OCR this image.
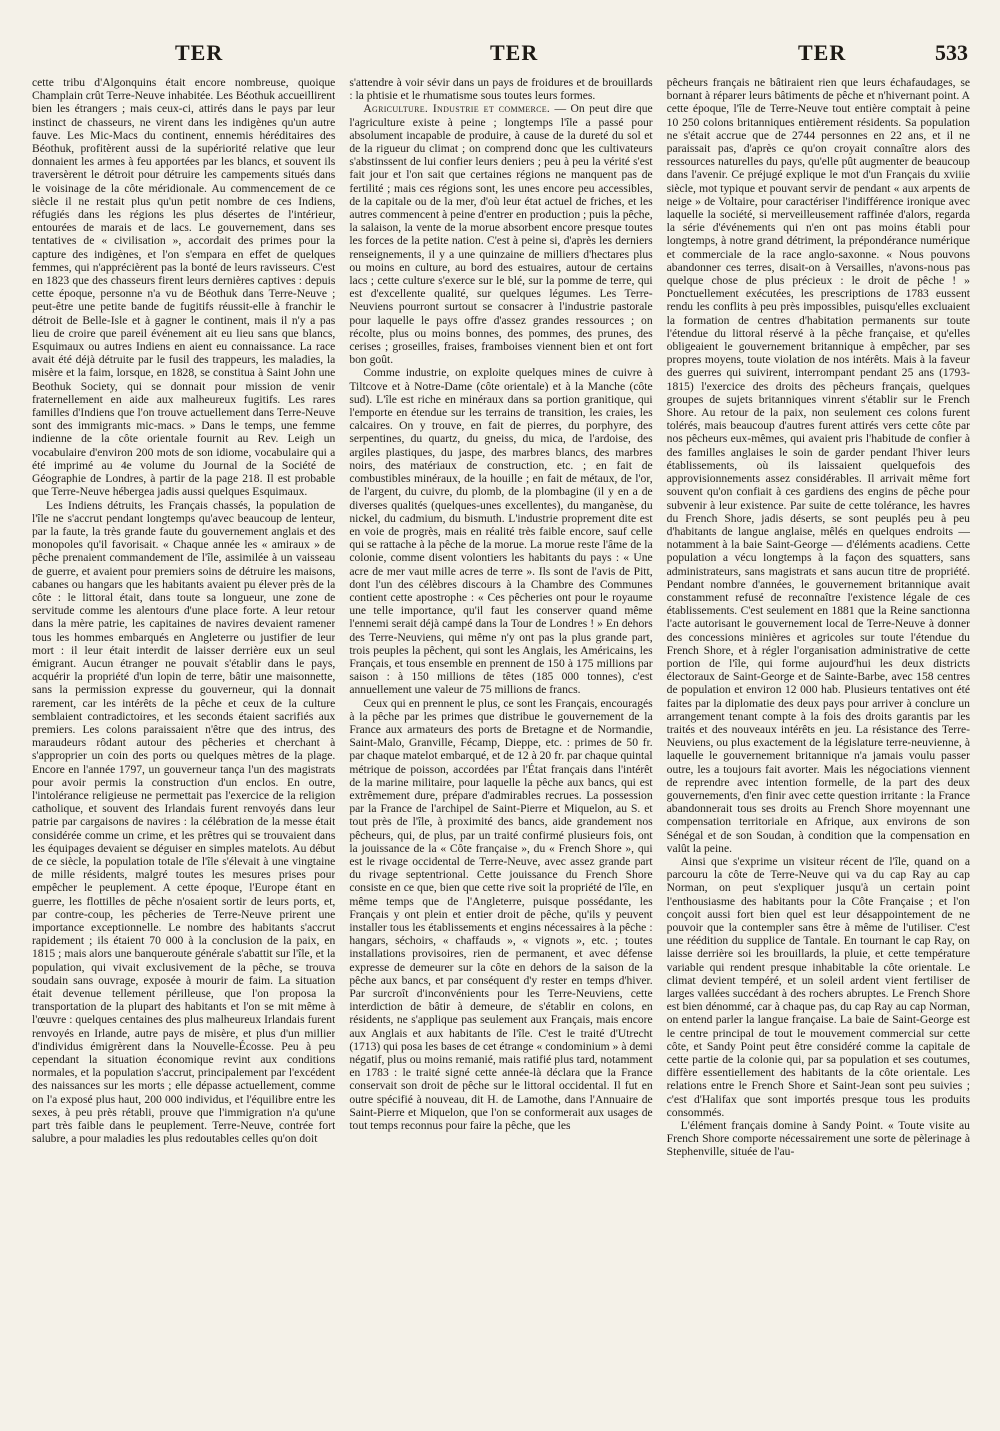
TER	TER	TER	533

cette tribu d'Algonquins était encore nombreuse, quoique Champlain crût Terre-Neuve inhabitée. Les Béothuk accueillirent bien les étrangers ; mais ceux-ci, attirés dans le pays par leur instinct de chasseurs, ne virent dans les indigènes qu'un autre fauve. Les Mic-Macs du continent, ennemis héréditaires des Béothuk, profitèrent aussi de la supériorité relative que leur donnaient les armes à feu apportées par les blancs, et souvent ils traversèrent le détroit pour détruire les campements situés dans le voisinage de la côte méridionale. Au commencement de ce siècle il ne restait plus qu'un petit nombre de ces Indiens, réfugiés dans les régions les plus désertes de l'intérieur, entourées de marais et de lacs. Le gouvernement, dans ses tentatives de « civilisation », accordait des primes pour la capture des indigènes, et l'on s'empara en effet de quelques femmes, qui n'apprécièrent pas la bonté de leurs ravisseurs. C'est en 1823 que des chasseurs firent leurs dernières captives : depuis cette époque, personne n'a vu de Béothuk dans Terre-Neuve ; peut-être une petite bande de fugitifs réussit-elle à franchir le détroit de Belle-Isle et à gagner le continent, mais il n'y a pas lieu de croire que pareil événement ait eu lieu sans que blancs, Esquimaux ou autres Indiens en aient eu connaissance. La race avait été déjà détruite par le fusil des trappeurs, les maladies, la misère et la faim, lorsque, en 1828, se constitua à Saint John une Beothuk Society, qui se donnait pour mission de venir fraternellement en aide aux malheureux fugitifs. Les rares familles d'Indiens que l'on trouve actuellement dans Terre-Neuve sont des immigrants mic-macs. » Dans le temps, une femme indienne de la côte orientale fournit au Rev. Leigh un vocabulaire d'environ 200 mots de son idiome, vocabulaire qui a été imprimé au 4e volume du Journal de la Société de Géographie de Londres, à partir de la page 218. Il est probable que Terre-Neuve hébergea jadis aussi quelques Esquimaux.

Les Indiens détruits, les Français chassés, la population de l'île ne s'accrut pendant longtemps qu'avec beaucoup de lenteur, par la faute, la très grande faute du gouvernement anglais et des monopoles qu'il favorisait. « Chaque année les « amiraux » de pêche prenaient commandement de l'île, assimilée à un vaisseau de guerre, et avaient pour premiers soins de détruire les maisons, cabanes ou hangars que les habitants avaient pu élever près de la côte : le littoral était, dans toute sa longueur, une zone de servitude comme les alentours d'une place forte. A leur retour dans la mère patrie, les capitaines de navires devaient ramener tous les hommes embarqués en Angleterre ou justifier de leur mort : il leur était interdit de laisser derrière eux un seul émigrant. Aucun étranger ne pouvait s'établir dans le pays, acquérir la propriété d'un lopin de terre, bâtir une maisonnette, sans la permission expresse du gouverneur, qui la donnait rarement, car les intérêts de la pêche et ceux de la culture semblaient contradictoires, et les seconds étaient sacrifiés aux premiers. Les colons paraissaient n'être que des intrus, des maraudeurs rôdant autour des pêcheries et cherchant à s'approprier un coin des ports ou quelques mètres de la plage. Encore en l'année 1797, un gouverneur tança l'un des magistrats pour avoir permis la construction d'un enclos. En outre, l'intolérance religieuse ne permettait pas l'exercice de la religion catholique, et souvent des Irlandais furent renvoyés dans leur patrie par cargaisons de navires : la célébration de la messe était considérée comme un crime, et les prêtres qui se trouvaient dans les équipages devaient se déguiser en simples matelots. Au début de ce siècle, la population totale de l'île s'élevait à une vingtaine de mille résidents, malgré toutes les mesures prises pour empêcher le peuplement. A cette époque, l'Europe étant en guerre, les flottilles de pêche n'osaient sortir de leurs ports, et, par contre-coup, les pêcheries de Terre-Neuve prirent une importance exceptionnelle. Le nombre des habitants s'accrut rapidement ; ils étaient 70 000 à la conclusion de la paix, en 1815 ; mais alors une banqueroute générale s'abattit sur l'île, et la population, qui vivait exclusivement de la pêche, se trouva soudain sans ouvrage, exposée à mourir de faim. La situation était devenue tellement périlleuse, que l'on proposa la transportation de la plupart des habitants et l'on se mit même à l'œuvre : quelques centaines des plus malheureux Irlandais furent renvoyés en Irlande, autre pays de misère, et plus d'un millier d'individus émigrèrent dans la Nouvelle-Écosse. Peu à peu cependant la situation économique revint aux conditions normales, et la population s'accrut, principalement par l'excédent des naissances sur les morts ; elle dépasse actuellement, comme on l'a exposé plus haut, 200 000 individus, et l'équilibre entre les sexes, à peu près rétabli, prouve que l'immigration n'a qu'une part très faible dans le peuplement. Terre-Neuve, contrée fort salubre, a pour maladies les plus redoutables celles qu'on doit

s'attendre à voir sévir dans un pays de froidures et de brouillards : la phtisie et le rhumatisme sous toutes leurs formes.

Agriculture. Industrie et commerce. — On peut dire que l'agriculture existe à peine ; longtemps l'île a passé pour absolument incapable de produire, à cause de la dureté du sol et de la rigueur du climat ; on comprend donc que les cultivateurs s'abstinssent de lui confier leurs deniers ; peu à peu la vérité s'est fait jour et l'on sait que certaines régions ne manquent pas de fertilité ; mais ces régions sont, les unes encore peu accessibles, de la capitale ou de la mer, d'où leur état actuel de friches, et les autres commencent à peine d'entrer en production ; puis la pêche, la salaison, la vente de la morue absorbent encore presque toutes les forces de la petite nation. C'est à peine si, d'après les derniers renseignements, il y a une quinzaine de milliers d'hectares plus ou moins en culture, au bord des estuaires, autour de certains lacs ; cette culture s'exerce sur le blé, sur la pomme de terre, qui est d'excellente qualité, sur quelques légumes. Les Terre-Neuviens pourront surtout se consacrer à l'industrie pastorale pour laquelle le pays offre d'assez grandes ressources ; on récolte, plus ou moins bonnes, des pommes, des prunes, des cerises ; groseilles, fraises, framboises viennent bien et ont fort bon goût.

Comme industrie, on exploite quelques mines de cuivre à Tiltcove et à Notre-Dame (côte orientale) et à la Manche (côte sud). L'île est riche en minéraux dans sa portion granitique, qui l'emporte en étendue sur les terrains de transition, les craies, les calcaires. On y trouve, en fait de pierres, du porphyre, des serpentines, du quartz, du gneiss, du mica, de l'ardoise, des argiles plastiques, du jaspe, des marbres blancs, des marbres noirs, des matériaux de construction, etc. ; en fait de combustibles minéraux, de la houille ; en fait de métaux, de l'or, de l'argent, du cuivre, du plomb, de la plombagine (il y en a de diverses qualités (quelques-unes excellentes), du manganèse, du nickel, du cadmium, du bismuth. L'industrie proprement dite est en voie de progrès, mais en réalité très faible encore, sauf celle qui se rattache à la pêche de la morue. La morue reste l'âme de la colonie, comme disent volontiers les habitants du pays : « Une acre de mer vaut mille acres de terre ». Ils sont de l'avis de Pitt, dont l'un des célèbres discours à la Chambre des Communes contient cette apostrophe : « Ces pêcheries ont pour le royaume une telle importance, qu'il faut les conserver quand même l'ennemi serait déjà campé dans la Tour de Londres ! » En dehors des Terre-Neuviens, qui même n'y ont pas la plus grande part, trois peuples la pêchent, qui sont les Anglais, les Américains, les Français, et tous ensemble en prennent de 150 à 175 millions par saison : à 150 millions de têtes (185 000 tonnes), c'est annuellement une valeur de 75 millions de francs.

Ceux qui en prennent le plus, ce sont les Français, encouragés à la pêche par les primes que distribue le gouvernement de la France aux armateurs des ports de Bretagne et de Normandie, Saint-Malo, Granville, Fécamp, Dieppe, etc. : primes de 50 fr. par chaque matelot embarqué, et de 12 à 20 fr. par chaque quintal métrique de poisson, accordées par l'État français dans l'intérêt de la marine militaire, pour laquelle la pêche aux bancs, qui est extrêmement dure, prépare d'admirables recrues. La possession par la France de l'archipel de Saint-Pierre et Miquelon, au S. et tout près de l'île, à proximité des bancs, aide grandement nos pêcheurs, qui, de plus, par un traité confirmé plusieurs fois, ont la jouissance de la « Côte française », du « French Shore », qui est le rivage occidental de Terre-Neuve, avec assez grande part du rivage septentrional. Cette jouissance du French Shore consiste en ce que, bien que cette rive soit la propriété de l'île, en même temps que de l'Angleterre, puisque possédante, les Français y ont plein et entier droit de pêche, qu'ils y peuvent installer tous les établissements et engins nécessaires à la pêche : hangars, séchoirs, « chaffauds », « vignots », etc. ; toutes installations provisoires, rien de permanent, et avec défense expresse de demeurer sur la côte en dehors de la saison de la pêche aux bancs, et par conséquent d'y rester en temps d'hiver. Par surcroît d'inconvénients pour les Terre-Neuviens, cette interdiction de bâtir à demeure, de s'établir en colons, en résidents, ne s'applique pas seulement aux Français, mais encore aux Anglais et aux habitants de l'île. C'est le traité d'Utrecht (1713) qui posa les bases de cet étrange « condominium » à demi négatif, plus ou moins remanié, mais ratifié plus tard, notamment en 1783 : le traité signé cette année-là déclara que la France conservait son droit de pêche sur le littoral occidental. Il fut en outre spécifié à nouveau, dit H. de Lamothe, dans l'Annuaire de Saint-Pierre et Miquelon, que l'on se conformerait aux usages de tout temps reconnus pour faire la pêche, que les

pêcheurs français ne bâtiraient rien que leurs échafaudages, se bornant à réparer leurs bâtiments de pêche et n'hivernant point. A cette époque, l'île de Terre-Neuve tout entière comptait à peine 10 250 colons britanniques entièrement résidents. Sa population ne s'était accrue que de 2744 personnes en 22 ans, et il ne paraissait pas, d'après ce qu'on croyait connaître alors des ressources naturelles du pays, qu'elle pût augmenter de beaucoup dans l'avenir. Ce préjugé explique le mot d'un Français du xviiie siècle, mot typique et pouvant servir de pendant « aux arpents de neige » de Voltaire, pour caractériser l'indifférence ironique avec laquelle la société, si merveilleusement raffinée d'alors, regarda la série d'événements qui n'en ont pas moins établi pour longtemps, à notre grand détriment, la prépondérance numérique et commerciale de la race anglo-saxonne. « Nous pouvons abandonner ces terres, disait-on à Versailles, n'avons-nous pas quelque chose de plus précieux : le droit de pêche ! » Ponctuellement exécutées, les prescriptions de 1783 eussent rendu les conflits à peu près impossibles, puisqu'elles excluaient la formation de centres d'habitation permanents sur toute l'étendue du littoral réservé à la pêche française, et qu'elles obligeaient le gouvernement britannique à empêcher, par ses propres moyens, toute violation de nos intérêts. Mais à la faveur des guerres qui suivirent, interrompant pendant 25 ans (1793-1815) l'exercice des droits des pêcheurs français, quelques groupes de sujets britanniques vinrent s'établir sur le French Shore. Au retour de la paix, non seulement ces colons furent tolérés, mais beaucoup d'autres furent attirés vers cette côte par nos pêcheurs eux-mêmes, qui avaient pris l'habitude de confier à des familles anglaises le soin de garder pendant l'hiver leurs établissements, où ils laissaient quelquefois des approvisionnements assez considérables. Il arrivait même fort souvent qu'on confiait à ces gardiens des engins de pêche pour subvenir à leur existence. Par suite de cette tolérance, les havres du French Shore, jadis déserts, se sont peuplés peu à peu d'habitants de langue anglaise, mêlés en quelques endroits — notamment à la baie Saint-George — d'éléments acadiens. Cette population a vécu longtemps à la façon des squatters, sans administrateurs, sans magistrats et sans aucun titre de propriété. Pendant nombre d'années, le gouvernement britannique avait constamment refusé de reconnaître l'existence légale de ces établissements. C'est seulement en 1881 que la Reine sanctionna l'acte autorisant le gouvernement local de Terre-Neuve à donner des concessions minières et agricoles sur toute l'étendue du French Shore, et à régler l'organisation administrative de cette portion de l'île, qui forme aujourd'hui les deux districts électoraux de Saint-George et de Sainte-Barbe, avec 158 centres de population et environ 12 000 hab. Plusieurs tentatives ont été faites par la diplomatie des deux pays pour arriver à conclure un arrangement tenant compte à la fois des droits garantis par les traités et des nouveaux intérêts en jeu. La résistance des Terre-Neuviens, ou plus exactement de la législature terre-neuvienne, à laquelle le gouvernement britannique n'a jamais voulu passer outre, les a toujours fait avorter. Mais les négociations viennent de reprendre avec intention formelle, de la part des deux gouvernements, d'en finir avec cette question irritante : la France abandonnerait tous ses droits au French Shore moyennant une compensation territoriale en Afrique, aux environs de son Sénégal et de son Soudan, à condition que la compensation en valût la peine.

Ainsi que s'exprime un visiteur récent de l'île, quand on a parcouru la côte de Terre-Neuve qui va du cap Ray au cap Norman, on peut s'expliquer jusqu'à un certain point l'enthousiasme des habitants pour la Côte Française ; et l'on conçoit aussi fort bien quel est leur désappointement de ne pouvoir que la contempler sans être à même de l'utiliser. C'est une réédition du supplice de Tantale. En tournant le cap Ray, on laisse derrière soi les brouillards, la pluie, et cette température variable qui rendent presque inhabitable la côte orientale. Le climat devient tempéré, et un soleil ardent vient fertiliser de larges vallées succédant à des rochers abruptes. Le French Shore est bien dénommé, car à chaque pas, du cap Ray au cap Norman, on entend parler la langue française. La baie de Saint-George est le centre principal de tout le mouvement commercial sur cette côte, et Sandy Point peut être considéré comme la capitale de cette partie de la colonie qui, par sa population et ses coutumes, diffère essentiellement des habitants de la côte orientale. Les relations entre le French Shore et Saint-Jean sont peu suivies ; c'est d'Halifax que sont importés presque tous les produits consommés.

L'élément français domine à Sandy Point. « Toute visite au French Shore comporte nécessairement une sorte de pèlerinage à Stephenville, située de l'au-
